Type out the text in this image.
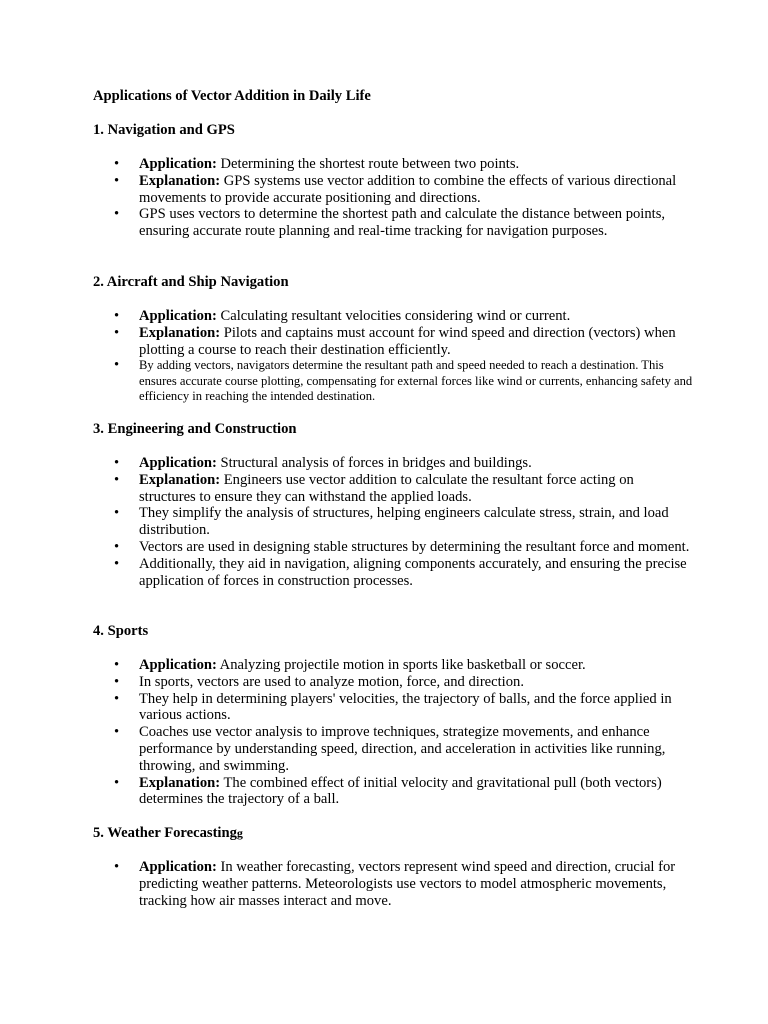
Applications of Vector Addition in Daily Life

1. Navigation and GPS

• Application: Determining the shortest route between two points.
• Explanation: GPS systems use vector addition to combine the effects of various directional movements to provide accurate positioning and directions.
• GPS uses vectors to determine the shortest path and calculate the distance between points, ensuring accurate route planning and real-time tracking for navigation purposes.

2. Aircraft and Ship Navigation

• Application: Calculating resultant velocities considering wind or current.
• Explanation: Pilots and captains must account for wind speed and direction (vectors) when plotting a course to reach their destination efficiently.
• By adding vectors, navigators determine the resultant path and speed needed to reach a destination. This ensures accurate course plotting, compensating for external forces like wind or currents, enhancing safety and efficiency in reaching the intended destination.

3. Engineering and Construction

• Application: Structural analysis of forces in bridges and buildings.
• Explanation: Engineers use vector addition to calculate the resultant force acting on structures to ensure they can withstand the applied loads.
• They simplify the analysis of structures, helping engineers calculate stress, strain, and load distribution.
• Vectors are used in designing stable structures by determining the resultant force and moment.
• Additionally, they aid in navigation, aligning components accurately, and ensuring the precise application of forces in construction processes.

4. Sports

• Application: Analyzing projectile motion in sports like basketball or soccer.
• In sports, vectors are used to analyze motion, force, and direction.
• They help in determining players' velocities, the trajectory of balls, and the force applied in various actions.
• Coaches use vector analysis to improve techniques, strategize movements, and enhance performance by understanding speed, direction, and acceleration in activities like running, throwing, and swimming.
• Explanation: The combined effect of initial velocity and gravitational pull (both vectors) determines the trajectory of a ball.

5. Weather Forecastingg

• Application: In weather forecasting, vectors represent wind speed and direction, crucial for predicting weather patterns. Meteorologists use vectors to model atmospheric movements, tracking how air masses interact and move.
